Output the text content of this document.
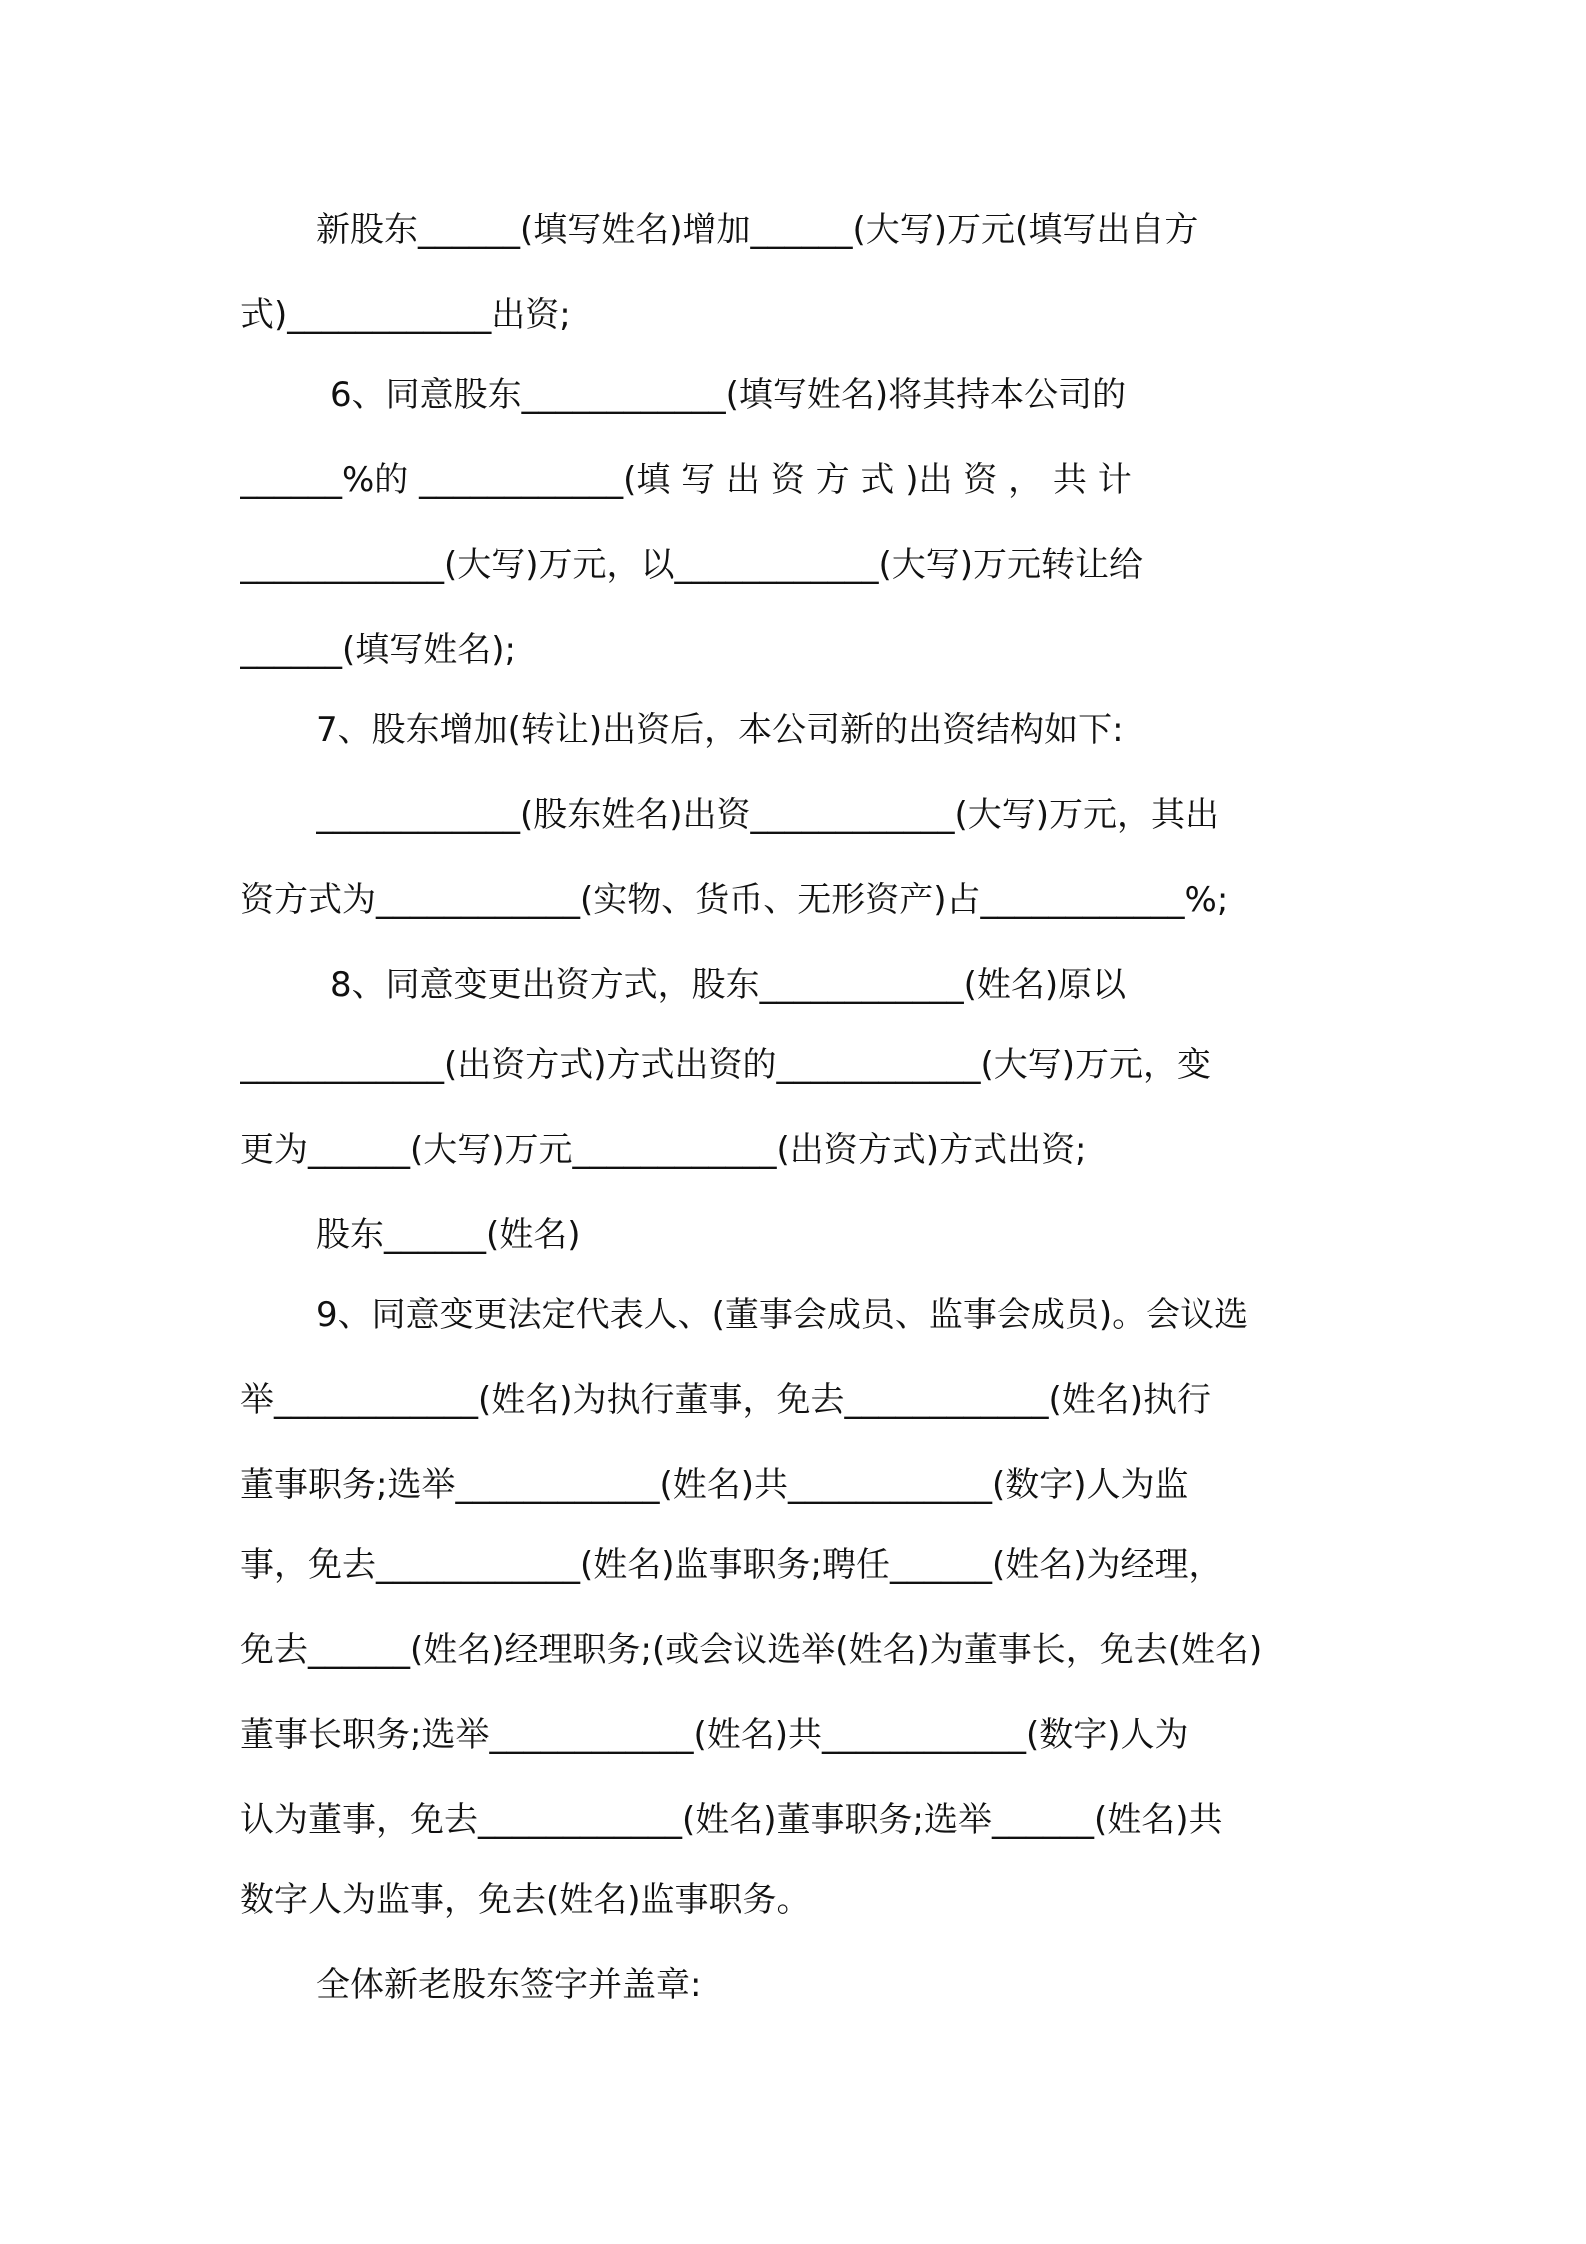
新股东______(填写姓名)增加______(大写)万元(填写出自方
式)____________出资;
6、同意股东____________(填写姓名)将其持本公司的
______%的 ____________(填 写 出 资 方 式 )出 资 ， 共 计
____________(大写)万元，以____________(大写)万元转让给
______(填写姓名);
7、股东增加(转让)出资后，本公司新的出资结构如下:
____________(股东姓名)出资____________(大写)万元，其出
资方式为____________(实物、货币、无形资产)占____________%;
8、同意变更出资方式，股东____________(姓名)原以
____________(出资方式)方式出资的____________(大写)万元，变
更为______(大写)万元____________(出资方式)方式出资;
股东______(姓名)
9、同意变更法定代表人、(董事会成员、监事会成员)。会议选
举____________(姓名)为执行董事，免去____________(姓名)执行
董事职务;选举____________(姓名)共____________(数字)人为监
事，免去____________(姓名)监事职务;聘任______(姓名)为经理，
免去______(姓名)经理职务;(或会议选举(姓名)为董事长，免去(姓名)
董事长职务;选举____________(姓名)共____________(数字)人为
认为董事，免去____________(姓名)董事职务;选举______(姓名)共
数字人为监事，免去(姓名)监事职务。
全体新老股东签字并盖章:
